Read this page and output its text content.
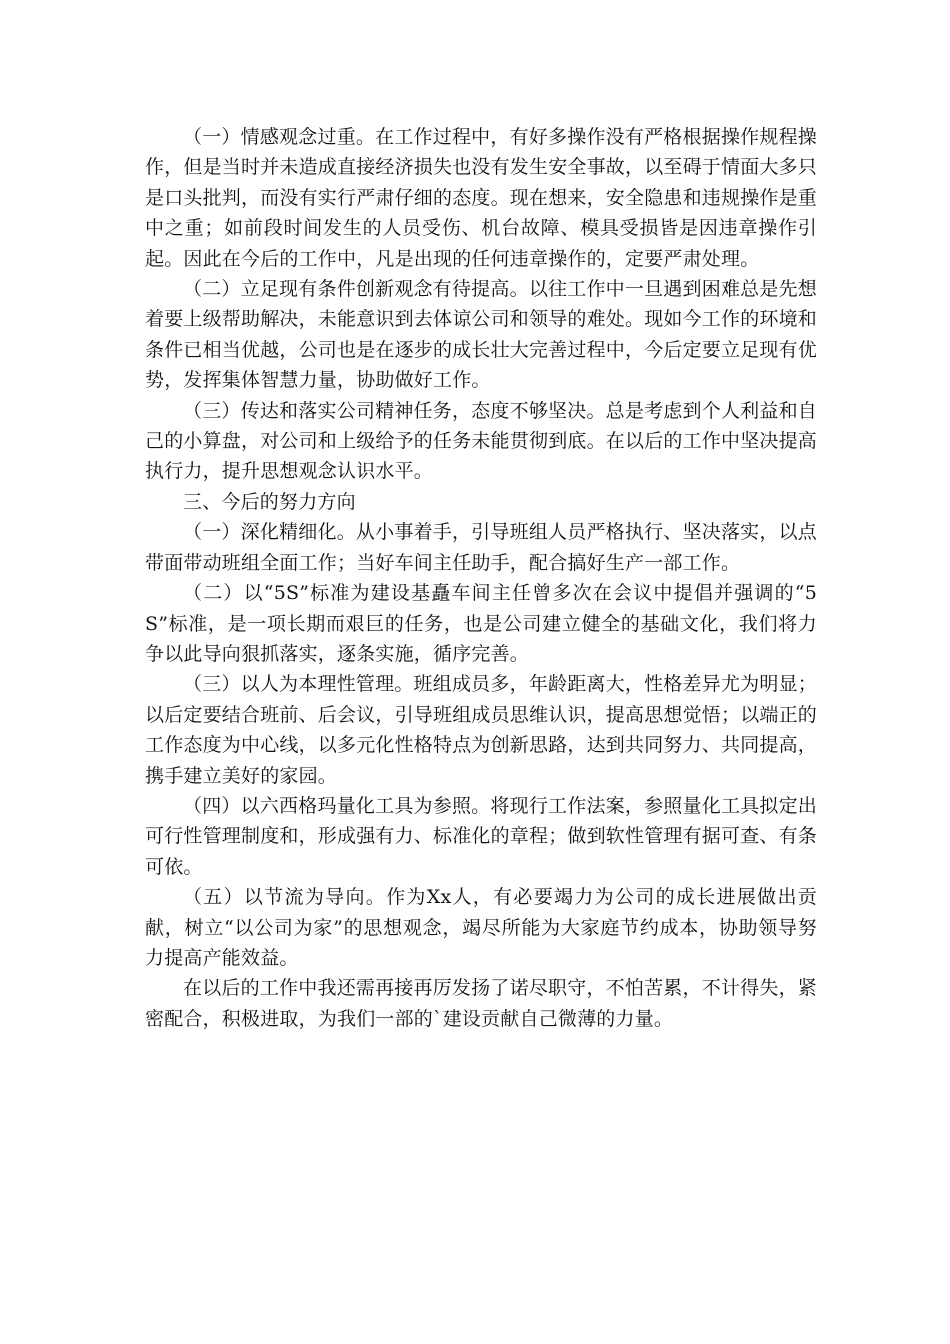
（一）情感观念过重。在工作过程中，有好多操作没有严格根据操作规程操作，但是当时并未造成直接经济损失也没有发生安全事故，以至碍于情面大多只是口头批判，而没有实行严肃仔细的态度。现在想来，安全隐患和违规操作是重中之重；如前段时间发生的人员受伤、机台故障、模具受损皆是因违章操作引起。因此在今后的工作中，凡是出现的任何违章操作的，定要严肃处理。

（二）立足现有条件创新观念有待提高。以往工作中一旦遇到困难总是先想着要上级帮助解决，未能意识到去体谅公司和领导的难处。现如今工作的环境和条件已相当优越，公司也是在逐步的成长壮大完善过程中，今后定要立足现有优势，发挥集体智慧力量，协助做好工作。

（三）传达和落实公司精神任务，态度不够坚决。总是考虑到个人利益和自己的小算盘，对公司和上级给予的任务未能贯彻到底。在以后的工作中坚决提高执行力，提升思想观念认识水平。

三、今后的努力方向

（一）深化精细化。从小事着手，引导班组人员严格执行、坚决落实，以点带面带动班组全面工作；当好车间主任助手，配合搞好生产一部工作。

（二）以“5S”标准为建设基矗车间主任曾多次在会议中提倡并强调的“5S”标准，是一项长期而艰巨的任务，也是公司建立健全的基础文化，我们将力争以此导向狠抓落实，逐条实施，循序完善。

（三）以人为本理性管理。班组成员多，年龄距离大，性格差异尤为明显；以后定要结合班前、后会议，引导班组成员思维认识，提高思想觉悟；以端正的工作态度为中心线，以多元化性格特点为创新思路，达到共同努力、共同提高，携手建立美好的家园。

（四）以六西格玛量化工具为参照。将现行工作法案，参照量化工具拟定出可行性管理制度和，形成强有力、标准化的章程；做到软性管理有据可查、有条可依。

（五）以节流为导向。作为Xx人，有必要竭力为公司的成长进展做出贡献，树立“以公司为家”的思想观念，竭尽所能为大家庭节约成本，协助领导努力提高产能效益。

在以后的工作中我还需再接再厉发扬了诺尽职守，不怕苦累，不计得失，紧密配合，积极进取，为我们一部的`建设贡献自己微薄的力量。
